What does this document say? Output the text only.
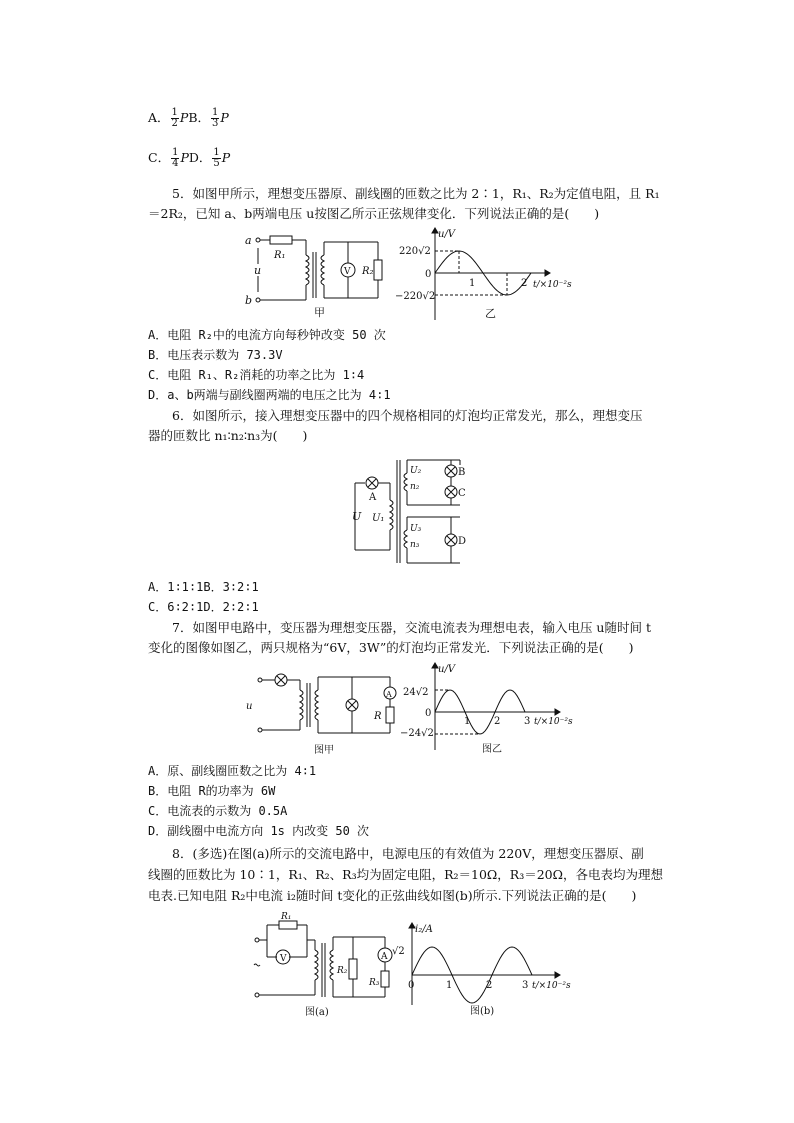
A． $\frac{1}{2}$ PB． $\frac{1}{3}$ P
C． $\frac{1}{4}$ PD． $\frac{1}{5}$ P
5．如图甲所示，理想变压器原、副线圈的匝数之比为 2∶1，R₁、R₂为定值电阻，且 R₁
＝2R₂，已知 a、b两端电压 u按图乙所示正弦规律变化．下列说法正确的是(　　)
a
b
u
R₁
V R₂
甲
u/V
220√2
−220√2
0
1	2 t/×10⁻²s
乙
A．电阻 R₂中的电流方向每秒钟改变 50 次
B．电压表示数为 73.3V
C．电阻 R₁、R₂消耗的功率之比为 1∶4
D．a、b两端与副线圈两端的电压之比为 4∶1
6．如图所示，接入理想变压器中的四个规格相同的灯泡均正常发光，那么，理想变压
器的匝数比 n₁∶n₂∶n₃为(　　)
A
B
C
D
U U₁
U₂
n₂
U₃
n₃
A．1∶1∶1B．3∶2∶1
C．6∶2∶1D．2∶2∶1
7．如图甲电路中，变压器为理想变压器，交流电流表为理想电表，输入电压 u随时间 t
变化的图像如图乙，两只规格为“6V，3W”的灯泡均正常发光．下列说法正确的是(　　)
u
A
R
图甲
u/V
24√2
−24√2
0
1 2 3 t/×10⁻²s
图乙
A．原、副线圈匝数之比为 4∶1
B．电阻 R的功率为 6W
C．电流表的示数为 0.5A
D．副线圈中电流方向 1s 内改变 50 次
8．(多选)在图(a)所示的交流电路中，电源电压的有效值为 220V，理想变压器原、副
线圈的匝数比为 10∶1，R₁、R₂、R₃均为固定电阻，R₂＝10Ω，R₃＝20Ω，各电表均为理想
电表.已知电阻 R₂中电流 i₂随时间 t变化的正弦曲线如图(b)所示.下列说法正确的是(　　)
R₁
V
R₂
A
R₃
图(a)
i₂/A
√2
0	1	2	3 t/×10⁻²s
图(b)
